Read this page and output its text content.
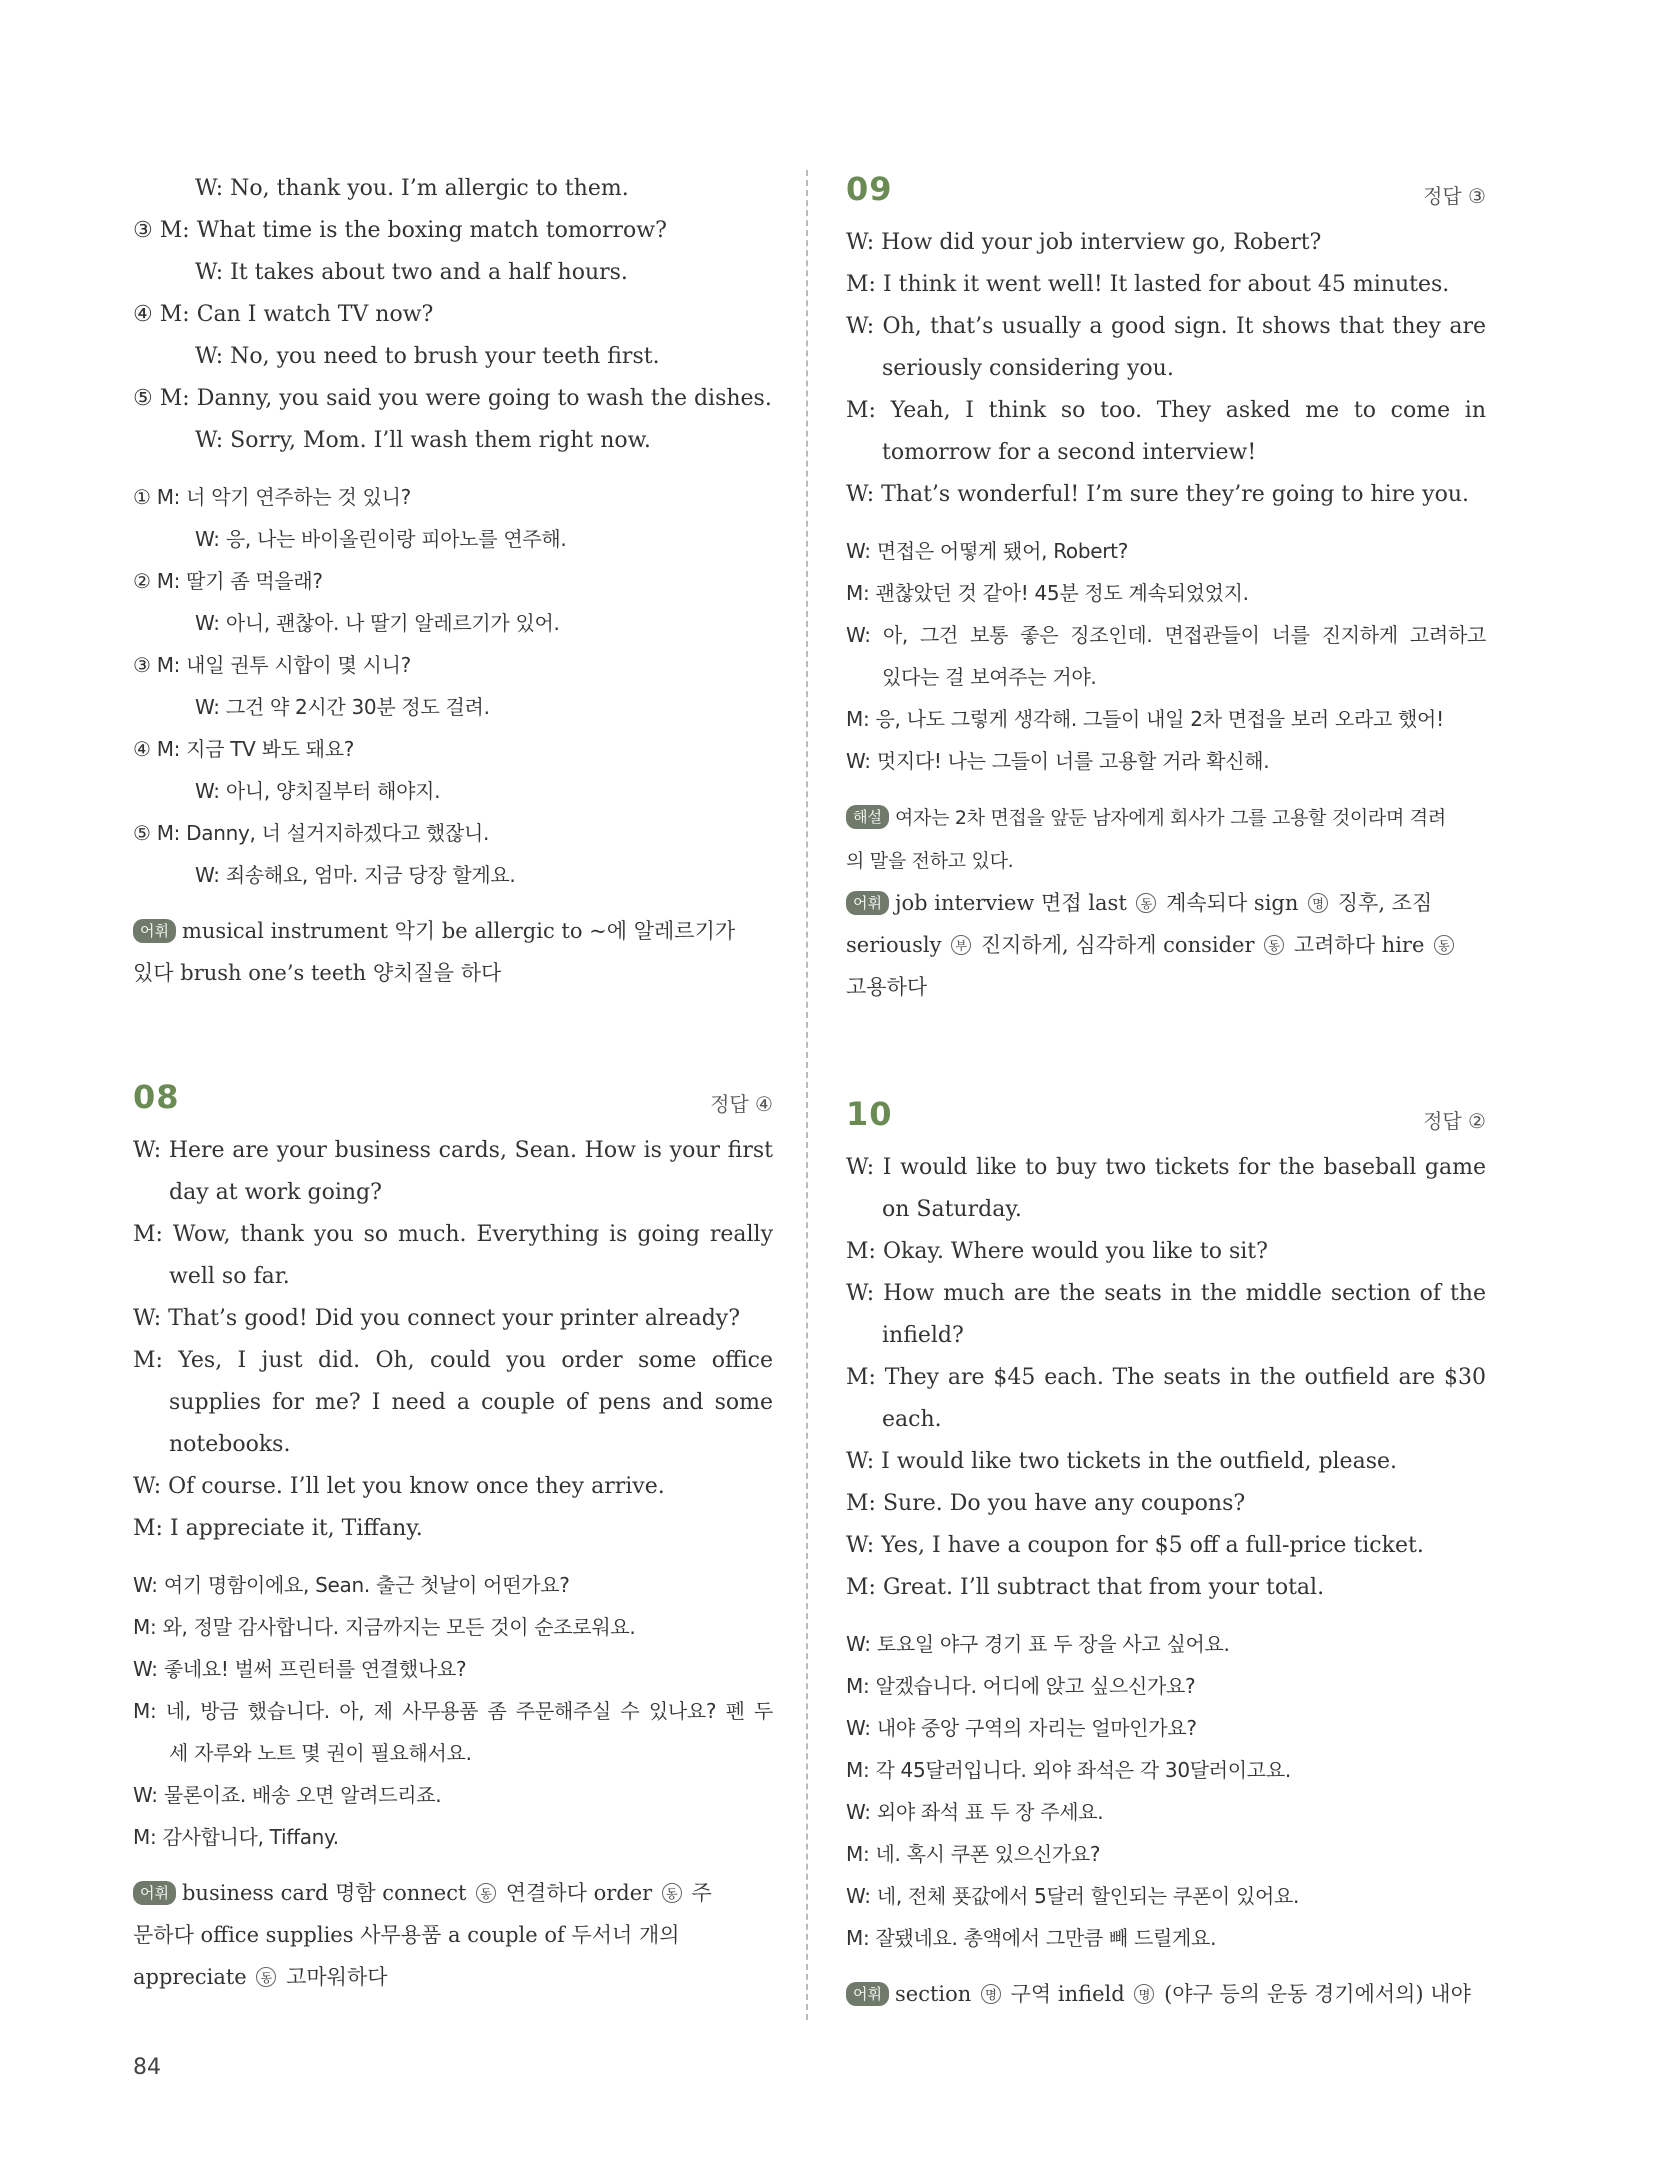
W: No, thank you. I’m allergic to them.
③ M: What time is the boxing match tomorrow?
W: It takes about two and a half hours.
④ M: Can I watch TV now?
W: No, you need to brush your teeth first.
⑤ M: Danny, you said you were going to wash the dishes.
W: Sorry, Mom. I’ll wash them right now.
① M: 너 악기 연주하는 것 있니?
W: 응, 나는 바이올린이랑 피아노를 연주해.
② M: 딸기 좀 먹을래?
W: 아니, 괜찮아. 나 딸기 알레르기가 있어.
③ M: 내일 권투 시합이 몇 시니?
W: 그건 약 2시간 30분 정도 걸려.
④ M: 지금 TV 봐도 돼요?
W: 아니, 양치질부터 해야지.
⑤ M: Danny, 너 설거지하겠다고 했잖니.
W: 죄송해요, 엄마. 지금 당장 할게요.
어휘 musical instrument 악기 be allergic to ~에 알레르기가
있다 brush one’s teeth 양치질을 하다
08	정답 ④
W: Here are your business cards, Sean. How is your first
day at work going?
M: Wow, thank you so much. Everything is going really
well so far.
W: That’s good! Did you connect your printer already?
M: Yes, I just did. Oh, could you order some office
supplies for me? I need a couple of pens and some
notebooks.
W: Of course. I’ll let you know once they arrive.
M: I appreciate it, Tiffany.
W: 여기 명함이에요, Sean. 출근 첫날이 어떤가요?
M: 와, 정말 감사합니다. 지금까지는 모든 것이 순조로워요.
W: 좋네요! 벌써 프린터를 연결했나요?
M: 네, 방금 했습니다. 아, 제 사무용품 좀 주문해주실 수 있나요? 펜 두
세 자루와 노트 몇 권이 필요해서요.
W: 물론이죠. 배송 오면 알려드리죠.
M: 감사합니다, Tiffany.
어휘 business card 명함 connect 동 연결하다 order 동 주
문하다 office supplies 사무용품 a couple of 두서너 개의
appreciate 동 고마워하다
09	정답 ③
W: How did your job interview go, Robert?
M: I think it went well! It lasted for about 45 minutes.
W: Oh, that’s usually a good sign. It shows that they are
seriously considering you.
M: Yeah, I think so too. They asked me to come in
tomorrow for a second interview!
W: That’s wonderful! I’m sure they’re going to hire you.
W: 면접은 어떻게 됐어, Robert?
M: 괜찮았던 것 같아! 45분 정도 계속되었었지.
W: 아, 그건 보통 좋은 징조인데. 면접관들이 너를 진지하게 고려하고
있다는 걸 보여주는 거야.
M: 응, 나도 그렇게 생각해. 그들이 내일 2차 면접을 보러 오라고 했어!
W: 멋지다! 나는 그들이 너를 고용할 거라 확신해.
해설 여자는 2차 면접을 앞둔 남자에게 회사가 그를 고용할 것이라며 격려
의 말을 전하고 있다.
어휘 job interview 면접 last 동 계속되다 sign 명 징후, 조짐
seriously 부 진지하게, 심각하게 consider 동 고려하다 hire 동
고용하다
10	정답 ②
W: I would like to buy two tickets for the baseball game
on Saturday.
M: Okay. Where would you like to sit?
W: How much are the seats in the middle section of the
infield?
M: They are $45 each. The seats in the outfield are $30
each.
W: I would like two tickets in the outfield, please.
M: Sure. Do you have any coupons?
W: Yes, I have a coupon for $5 off a full-price ticket.
M: Great. I’ll subtract that from your total.
W: 토요일 야구 경기 표 두 장을 사고 싶어요.
M: 알겠습니다. 어디에 앉고 싶으신가요?
W: 내야 중앙 구역의 자리는 얼마인가요?
M: 각 45달러입니다. 외야 좌석은 각 30달러이고요.
W: 외야 좌석 표 두 장 주세요.
M: 네. 혹시 쿠폰 있으신가요?
W: 네, 전체 푯값에서 5달러 할인되는 쿠폰이 있어요.
M: 잘됐네요. 총액에서 그만큼 빼 드릴게요.
어휘 section 명 구역 infield 명 (야구 등의 운동 경기에서의) 내야
84
